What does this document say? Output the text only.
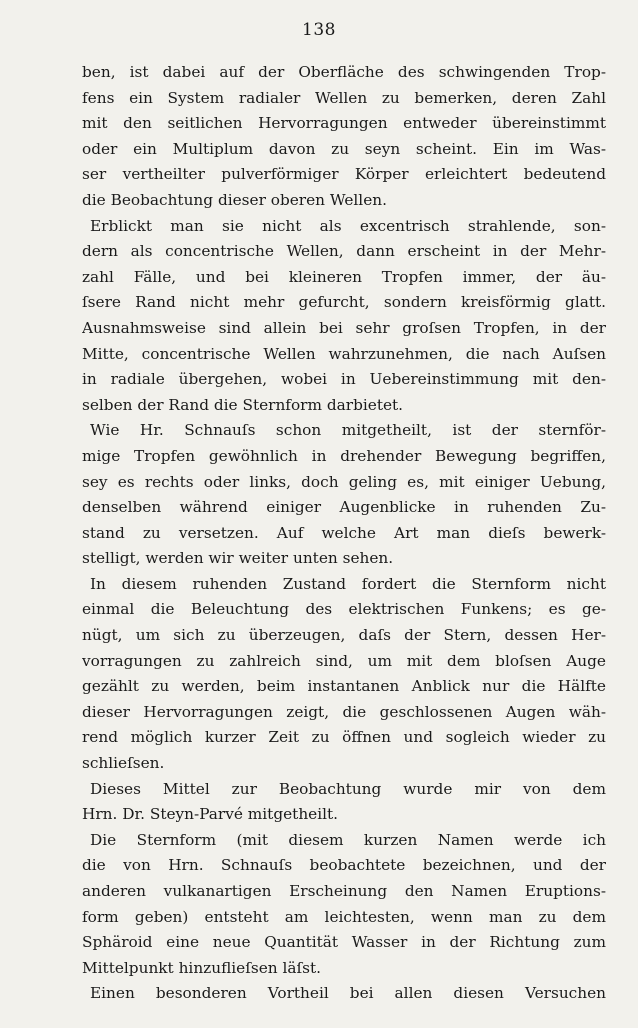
138
ben, ist dabei auf der Oberfläche des schwingenden Trop-
fens ein System radialer Wellen zu bemerken, deren Zahl
mit den seitlichen Hervorragungen entweder übereinstimmt
oder ein Multiplum davon zu seyn scheint. Ein im Was-
ser vertheilter pulverförmiger Körper erleichtert bedeutend
die Beobachtung dieser oberen Wellen.
Erblickt man sie nicht als excentrisch strahlende, son-
dern als concentrische Wellen, dann erscheint in der Mehr-
zahl Fälle, und bei kleineren Tropfen immer, der äu-
ſsere Rand nicht mehr gefurcht, sondern kreisförmig glatt.
Ausnahmsweise sind allein bei sehr groſsen Tropfen, in der
Mitte, concentrische Wellen wahrzunehmen, die nach Auſsen
in radiale übergehen, wobei in Uebereinstimmung mit den-
selben der Rand die Sternform darbietet.
Wie Hr. Schnauſs schon mitgetheilt, ist der sternför-
mige Tropfen gewöhnlich in drehender Bewegung begriffen,
sey es rechts oder links, doch geling es, mit einiger Uebung,
denselben während einiger Augenblicke in ruhenden Zu-
stand zu versetzen. Auf welche Art man dieſs bewerk-
stelligt, werden wir weiter unten sehen.
In diesem ruhenden Zustand fordert die Sternform nicht
einmal die Beleuchtung des elektrischen Funkens; es ge-
nügt, um sich zu überzeugen, daſs der Stern, dessen Her-
vorragungen zu zahlreich sind, um mit dem bloſsen Auge
gezählt zu werden, beim instantanen Anblick nur die Hälfte
dieser Hervorragungen zeigt, die geschlossenen Augen wäh-
rend möglich kurzer Zeit zu öffnen und sogleich wieder zu
schlieſsen.
Dieses Mittel zur Beobachtung wurde mir von dem
Hrn. Dr. Steyn-Parvé mitgetheilt.
Die Sternform (mit diesem kurzen Namen werde ich
die von Hrn. Schnauſs beobachtete bezeichnen, und der
anderen vulkanartigen Erscheinung den Namen Eruptions-
form geben) entsteht am leichtesten, wenn man zu dem
Sphäroid eine neue Quantität Wasser in der Richtung zum
Mittelpunkt hinzuflieſsen läſst.
Einen besonderen Vortheil bei allen diesen Versuchen
